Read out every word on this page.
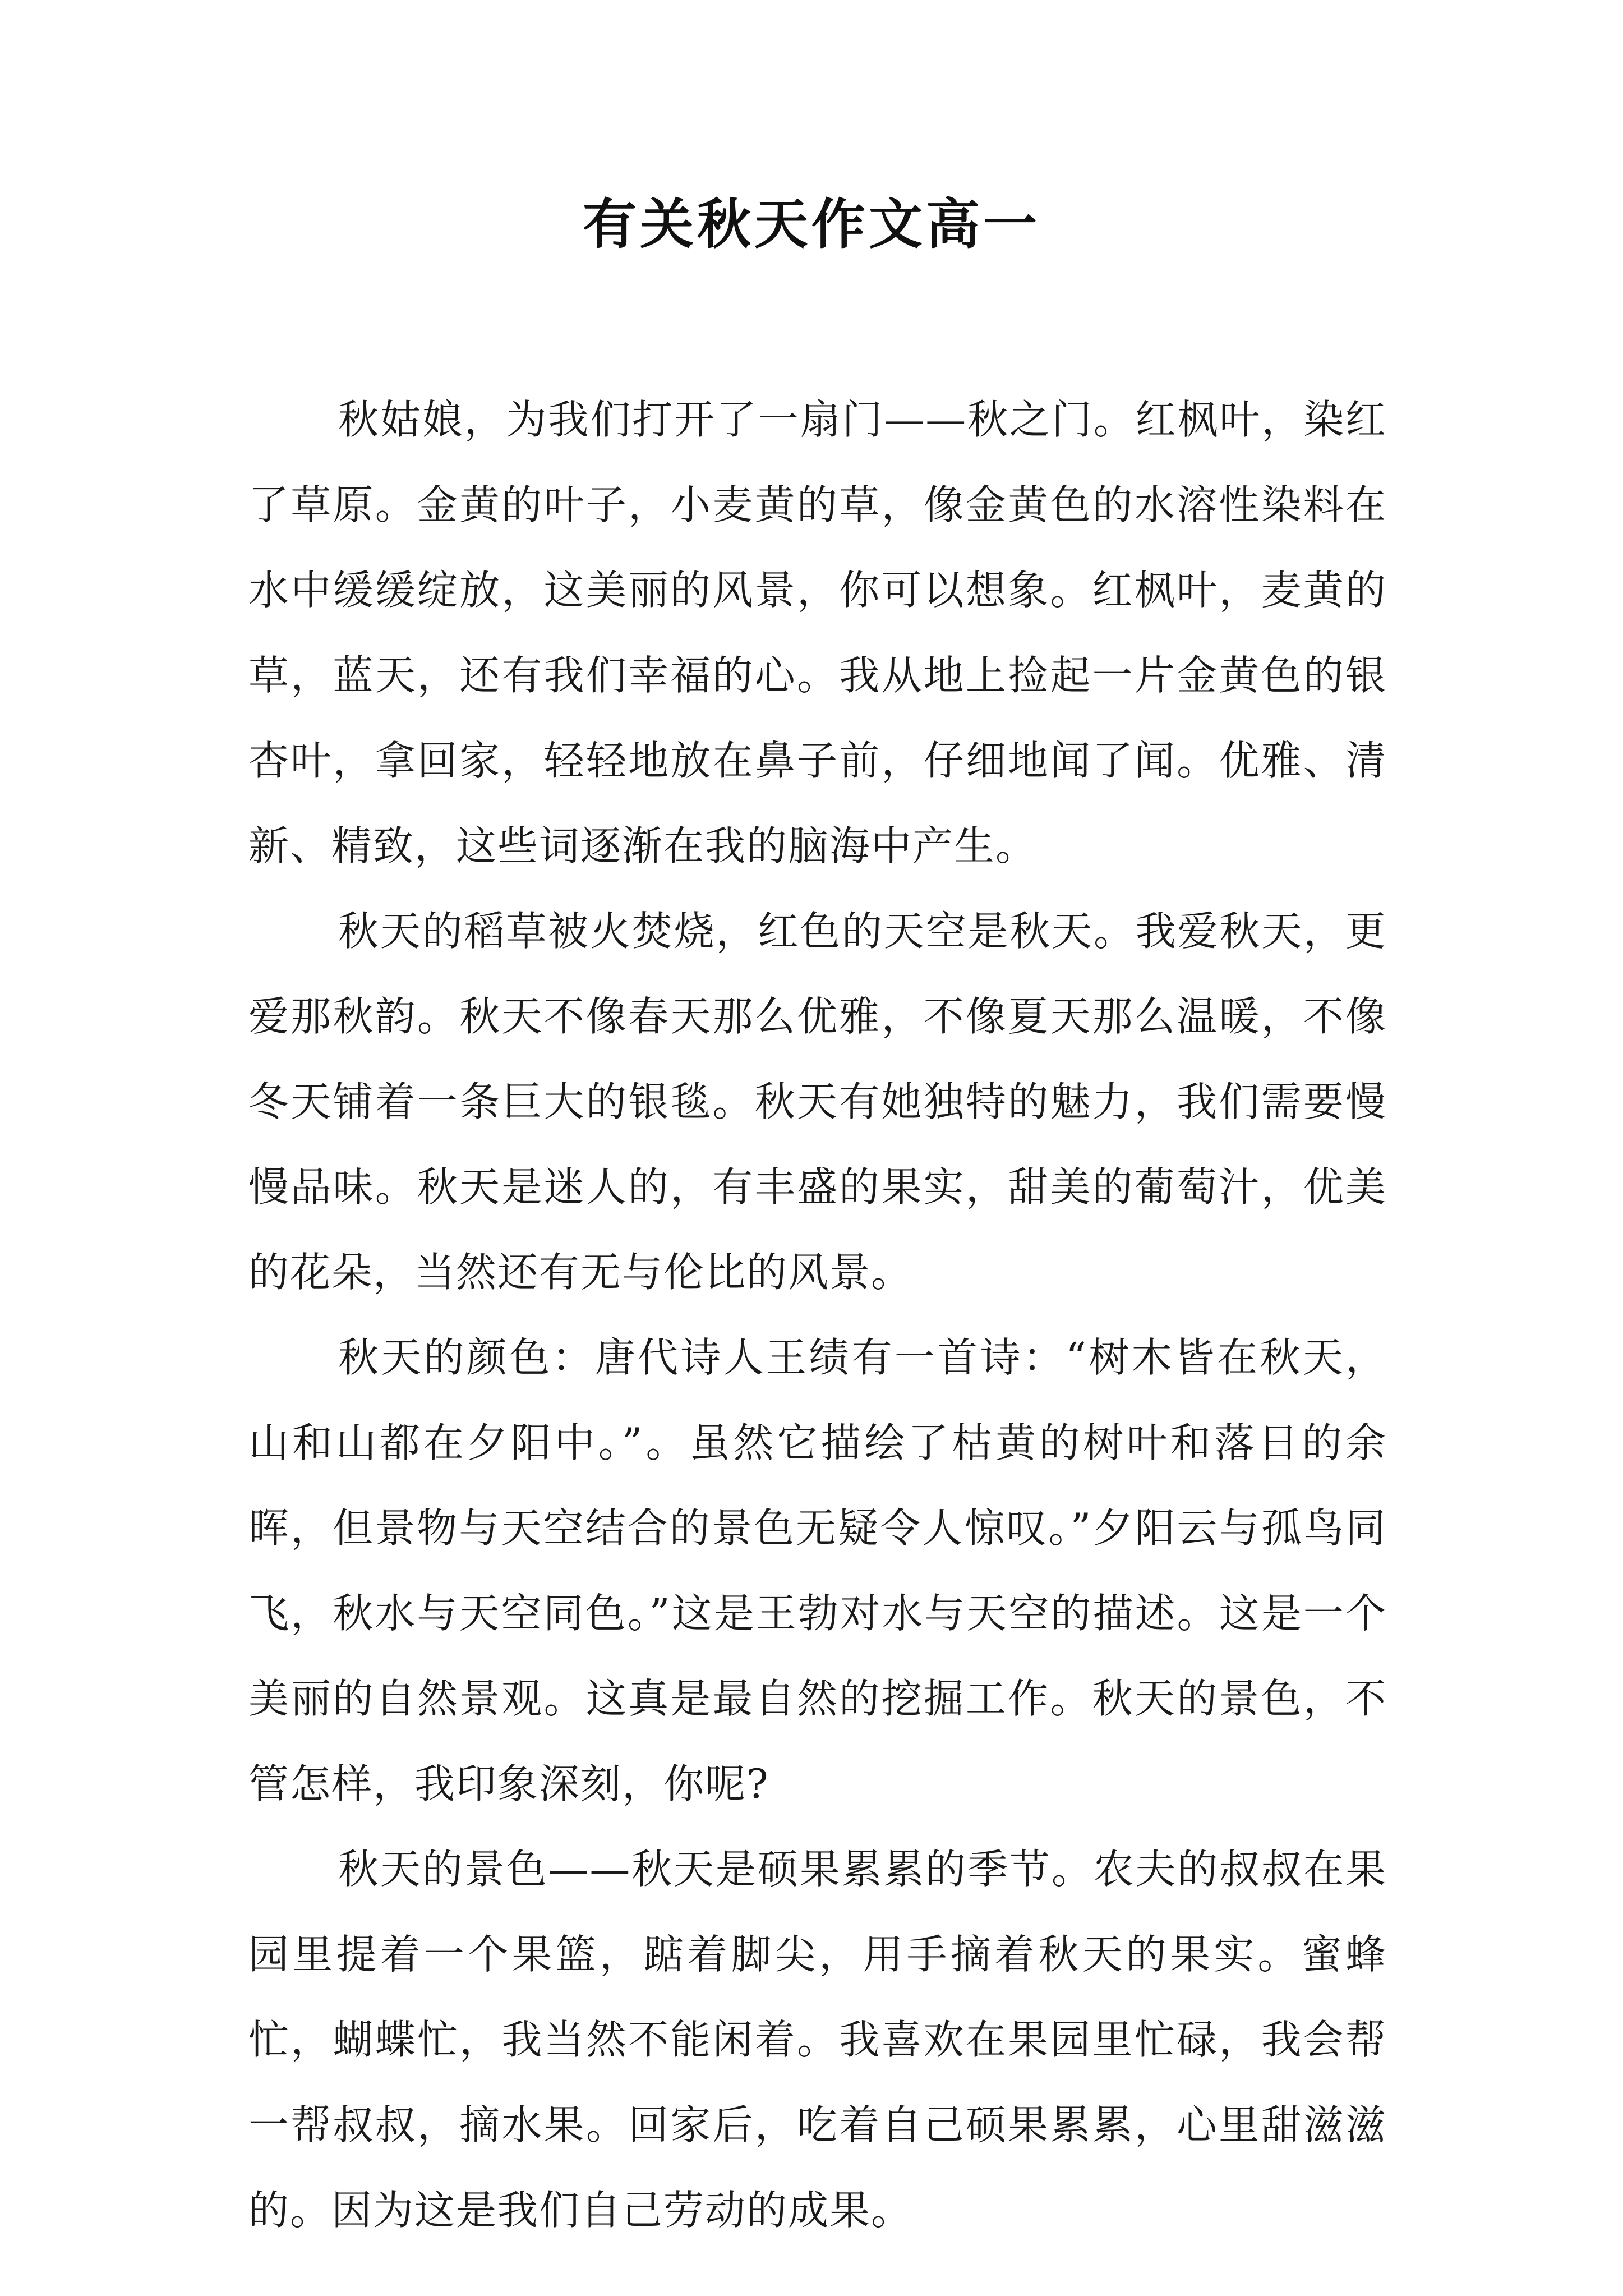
有关秋天作文高一

秋姑娘，为我们打开了一扇门——秋之门。红枫叶，染红了草原。金黄的叶子，小麦黄的草，像金黄色的水溶性染料在水中缓缓绽放，这美丽的风景，你可以想象。红枫叶，麦黄的草，蓝天，还有我们幸福的心。我从地上捡起一片金黄色的银杏叶，拿回家，轻轻地放在鼻子前，仔细地闻了闻。优雅、清新、精致，这些词逐渐在我的脑海中产生。

秋天的稻草被火焚烧，红色的天空是秋天。我爱秋天，更爱那秋韵。秋天不像春天那么优雅，不像夏天那么温暖，不像冬天铺着一条巨大的银毯。秋天有她独特的魅力，我们需要慢慢品味。秋天是迷人的，有丰盛的果实，甜美的葡萄汁，优美的花朵，当然还有无与伦比的风景。

秋天的颜色：唐代诗人王绩有一首诗：“树木皆在秋天，山和山都在夕阳中。”。虽然它描绘了枯黄的树叶和落日的余晖，但景物与天空结合的景色无疑令人惊叹。”夕阳云与孤鸟同飞，秋水与天空同色。”这是王勃对水与天空的描述。这是一个美丽的自然景观。这真是最自然的挖掘工作。秋天的景色，不管怎样，我印象深刻，你呢?

秋天的景色——秋天是硕果累累的季节。农夫的叔叔在果园里提着一个果篮，踮着脚尖，用手摘着秋天的果实。蜜蜂忙，蝴蝶忙，我当然不能闲着。我喜欢在果园里忙碌，我会帮一帮叔叔，摘水果。回家后，吃着自己硕果累累，心里甜滋滋的。因为这是我们自己劳动的成果。
